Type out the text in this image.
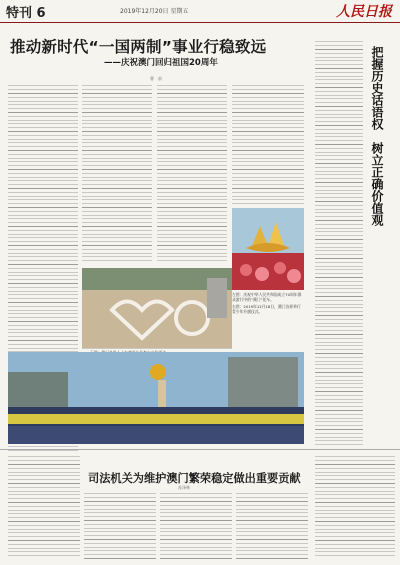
特刊 6	2019年12月20日 星期五	人民日报
推动新时代“一国两制”事业行稳致远
——庆祝澳门回归祖国20周年
曹　前
左图：庆祝中华人民共和国成立70周年群众游行中的“澳门”花车。
右图：2019年12月18日，澳门各界举行青少年升旗仪式。
把握历史话语权
树立正确价值观
司法机关为维护澳门繁荣稳定做出重要贡献
苏泽林
